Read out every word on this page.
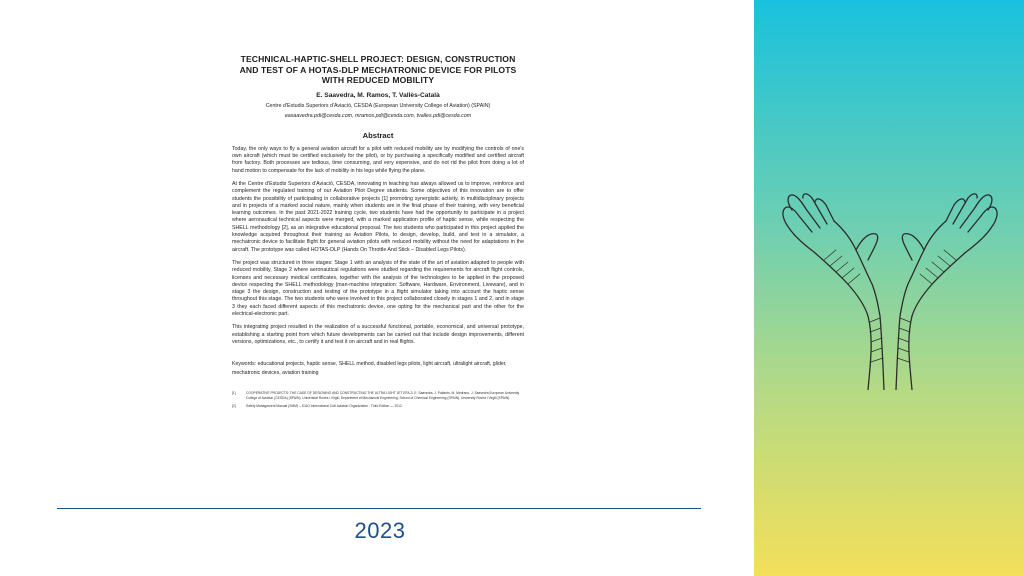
TECHNICAL-HAPTIC-SHELL PROJECT: DESIGN, CONSTRUCTION
AND TEST OF A HOTAS-DLP MECHATRONIC DEVICE FOR PILOTS
WITH REDUCED MOBILITY

E. Saavedra, M. Ramos, T. Vallès-Català

Centre d'Estudis Superiors d'Aviació, CESDA (European University College of Aviation) (SPAIN)

easaavedra.pdi@cesda.com, mramos.pdi@cesda.com, tvalles.pdi@cesda.com

Abstract

Today, the only ways to fly a general aviation aircraft for a pilot with reduced mobility are by modifying the controls of one's own aircraft (which must be certified exclusively for the pilot), or by purchasing a specifically modified and certified aircraft from factory. Both processes are tedious, time consuming, and very expensive, and do not rid the pilot from doing a lot of hand motion to compensate for the lack of mobility in his legs while flying the plane.

At the Centre d'Estudis Superiors d'Aviació, CESDA, innovating in teaching has always allowed us to improve, reinforce and complement the regulated training of our Aviation Pilot Degree students. Some objectives of this innovation are to offer students the possibility of participating in collaborative projects [1] promoting synergistic activity, in multidisciplinary projects and in projects of a marked social nature, mainly when students are in the final phase of their training, with very beneficial learning outcomes. In the past 2021-2022 training cycle, two students have had the opportunity to participate in a project where aeronautical technical aspects were merged, with a marked application profile of haptic sense, while respecting the SHELL methodology [2], as an integrative educational proposal. The two students who participated in this project applied the knowledge acquired throughout their training as Aviation Pilots, to design, develop, build, and test in a simulator, a mechatronic device to facilitate flight for general aviation pilots with reduced mobility without the need for adaptations in the aircraft. The prototype was called HOTAS-DLP (Hands On Throttle And Stick – Disabled Legs Pilots).

The project was structured in three stages: Stage 1 with an analysis of the state of the art of aviation adapted to people with reduced mobility, Stage 2 where aeronautical regulations were studied regarding the requirements for aircraft flight controls, licenses and necessary medical certificates, together with the analysis of the technologies to be applied in the proposed device respecting the SHELL methodology (man-machine integration: Software, Hardware, Environment, Liveware), and in stage 3 the design, construction and testing of the prototype in a flight simulator taking into account the haptic sense throughout this stage. The two students who were involved in this project collaborated closely in stages 1 and 2, and in stage 3 they each faced different aspects of this mechatronic device, one opting for the mechanical part and the other for the electrical-electronic part.

This integrating project resulted in the realization of a successful functional, portable, economical, and universal prototype, establishing a starting point from which future developments can be carried out that include design improvements, different versions, optimizations, etc., to certify it and test it on aircraft and in real flights.

Keywords: educational projects, haptic sense, SHELL method, disabled legs pilots, light aircraft, ultralight aircraft, glider, mechatronic devices, aviation training

[1]	COOPERATIVE PROJECTS: THE CASE OF DESIGNING AND CONSTRUCTING THE ULTRA LIGHT JET EFA-3. E. Saavedra, J. Pallarès, M. Medrano, J. Saavedra.European University College of Aviation (CESDA) (SPAIN), Universitat Rovira i Virgili, Department of Mechanical Engineering, School of Chemical Engineering (SPAIN), University Rovira i Virgili (SPAIN)
[2]	Safety Management Manual (SMM) – ICAO International Civil Aviation Organization - Third Edition — 2012
2023
